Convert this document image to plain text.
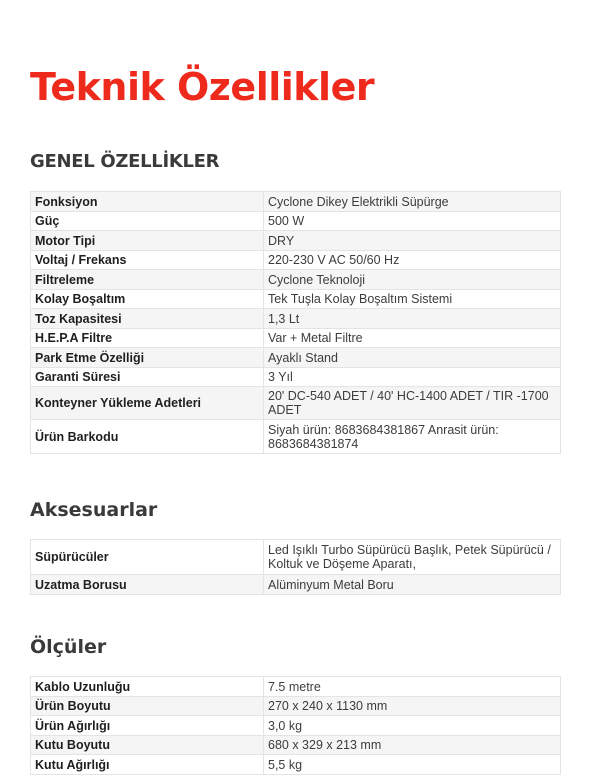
Teknik Özellikler
GENEL ÖZELLİKLER
Fonksiyon	Cyclone Dikey Elektrikli Süpürge
Güç	500 W
Motor Tipi	DRY
Voltaj / Frekans	220-230 V AC 50/60 Hz
Filtreleme	Cyclone Teknoloji
Kolay Boşaltım	Tek Tuşla Kolay Boşaltım Sistemi
Toz Kapasitesi	1,3 Lt
H.E.P.A Filtre	Var + Metal Filtre
Park Etme Özelliği	Ayaklı Stand
Garanti Süresi	3 Yıl
Konteyner Yükleme Adetleri	20' DC-540 ADET / 40' HC-1400 ADET / TIR -1700 ADET
Ürün Barkodu	Siyah ürün: 8683684381867 Anrasit ürün: 8683684381874
Aksesuarlar
Süpürücüler	Led Işıklı Turbo Süpürücü Başlık, Petek Süpürücü / Koltuk ve Döşeme Aparatı,
Uzatma Borusu	Alüminyum Metal Boru
Ölçüler
Kablo Uzunluğu	7.5 metre
Ürün Boyutu	270 x 240 x 1130 mm
Ürün Ağırlığı	3,0 kg
Kutu Boyutu	680 x 329 x 213 mm
Kutu Ağırlığı	5,5 kg
